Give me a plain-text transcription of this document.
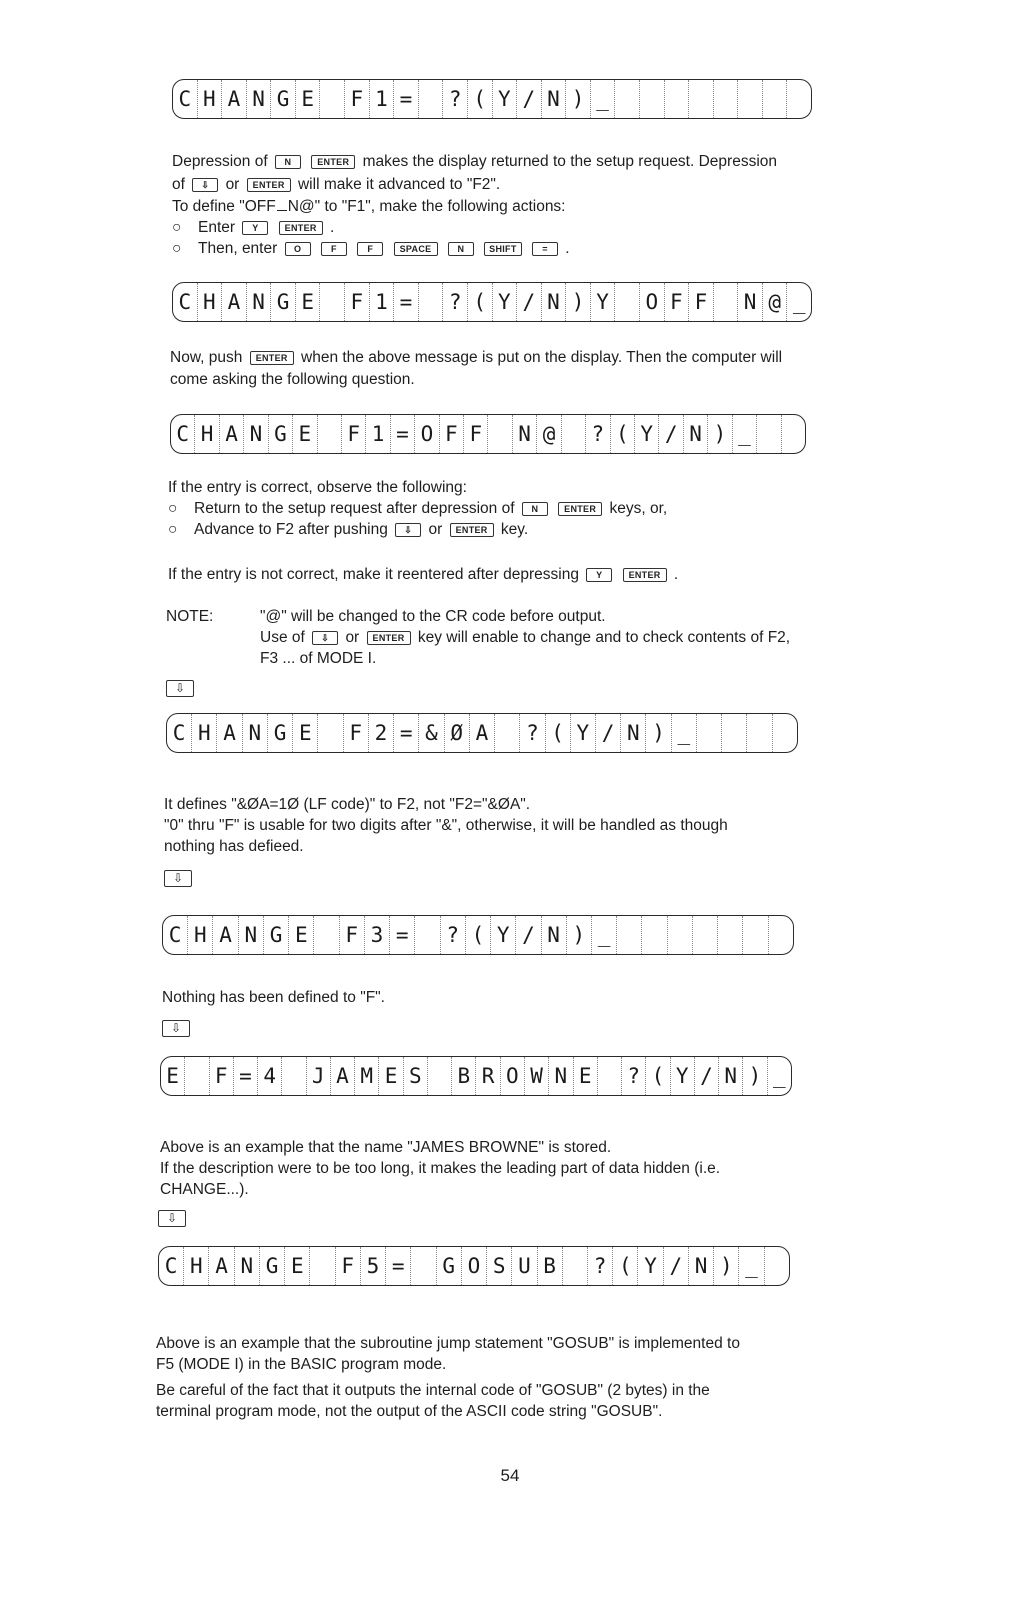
C H A N G E	F 1 =	? ( Y / N ) _
Depression of N	ENTER makes the display returned to the setup request. Depression
of ⇩ or ENTER will make it advanced to "F2".
To define "OFF N@" to "F1", make the following actions:
○ Enter Y	ENTER .
○ Then, enter O	F	F	SPACE	N	SHIFT	= .
C H A N G E	F 1 =	? ( Y / N ) Y	O F F	N @ _
Now, push ENTER when the above message is put on the display. Then the computer will
come asking the following question.
C H A N G E	F 1 = O F F	N @	? ( Y / N ) _
If the entry is correct, observe the following:
○ Return to the setup request after depression of N	ENTER keys, or,
○ Advance to F2 after pushing ⇩ or ENTER key.
If the entry is not correct, make it reentered after depressing Y	ENTER .
NOTE:	"@" will be changed to the CR code before output.
Use of ⇩ or ENTER key will enable to change and to check contents of F2,
F3 ... of MODE I.
⇩
C H A N G E	F 2 = & Ø A	? ( Y / N ) _
It defines "&ØA=1Ø (LF code)" to F2, not "F2="&ØA".
"0" thru "F" is usable for two digits after "&", otherwise, it will be handled as though
nothing has defieed.
⇩
C H A N G E	F 3 =	? ( Y / N ) _
Nothing has been defined to "F".
⇩
E	F = 4	J A M E S	B R O W N E	? ( Y / N ) _
Above is an example that the name "JAMES BROWNE" is stored.
If the description were to be too long, it makes the leading part of data hidden (i.e.
CHANGE...).
⇩
C H A N G E	F 5 =	G O S U B	? ( Y / N ) _
Above is an example that the subroutine jump statement "GOSUB" is implemented to
F5 (MODE I) in the BASIC program mode.
Be careful of the fact that it outputs the internal code of "GOSUB" (2 bytes) in the
terminal program mode, not the output of the ASCII code string "GOSUB".
54
